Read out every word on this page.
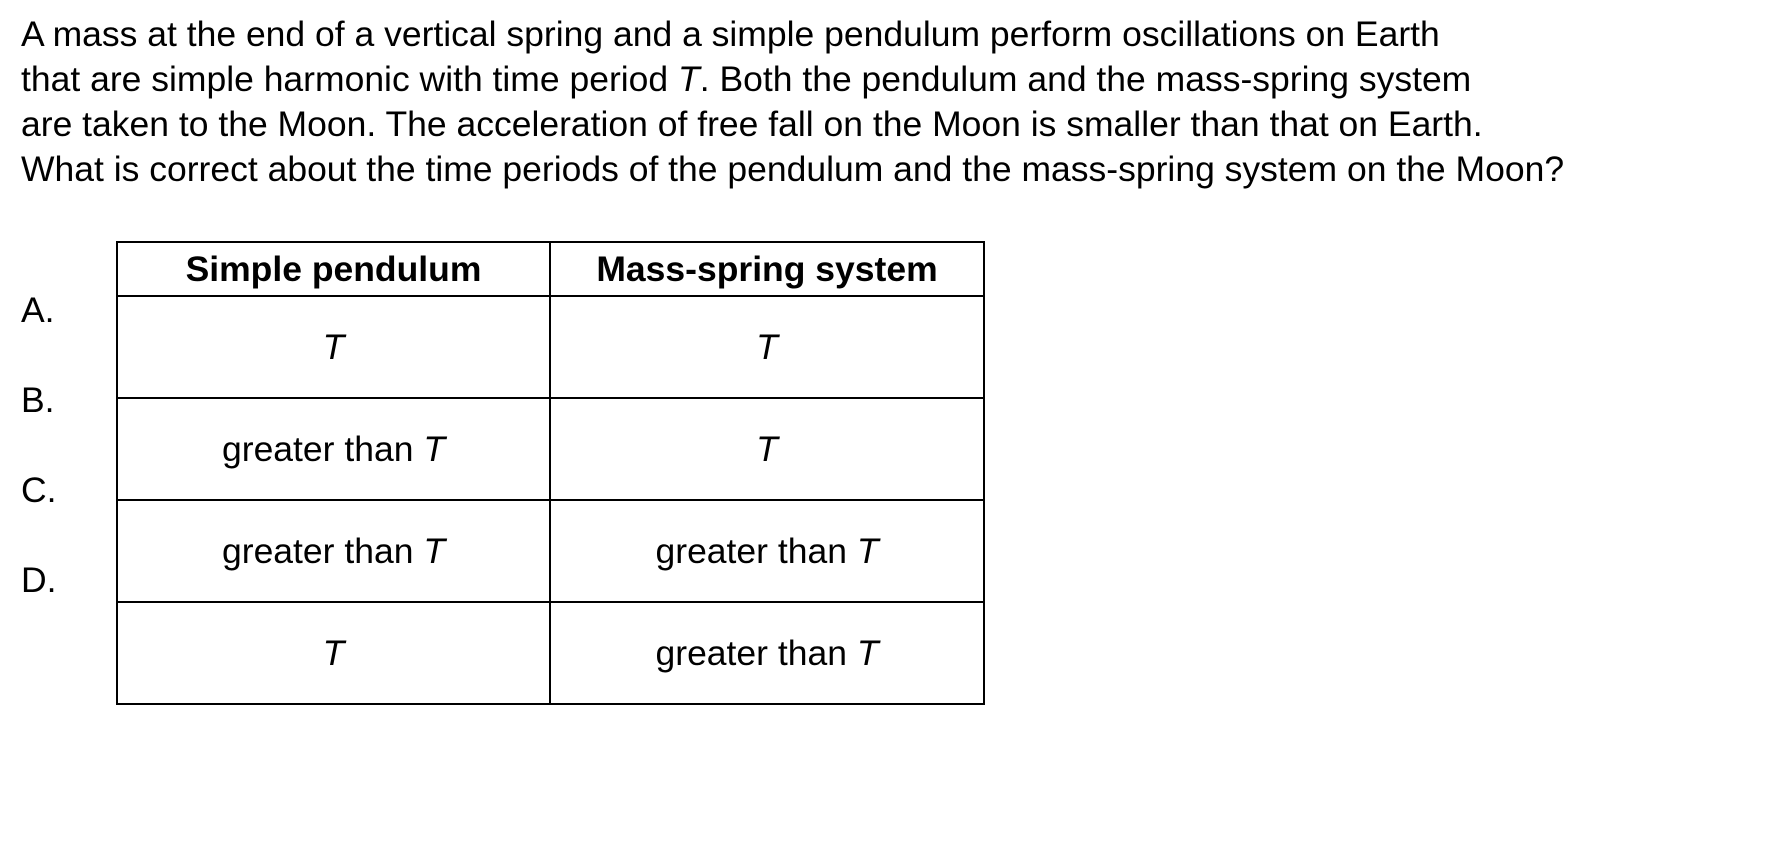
A mass at the end of a vertical spring and a simple pendulum perform oscillations on Earth
that are simple harmonic with time period T. Both the pendulum and the mass-spring system
are taken to the Moon. The acceleration of free fall on the Moon is smaller than that on Earth.
What is correct about the time periods of the pendulum and the mass-spring system on the Moon?
A.
B.
C.
D.
Simple pendulum	Mass-spring system
T	T
greater than T	T
greater than T	greater than T
T	greater than T
